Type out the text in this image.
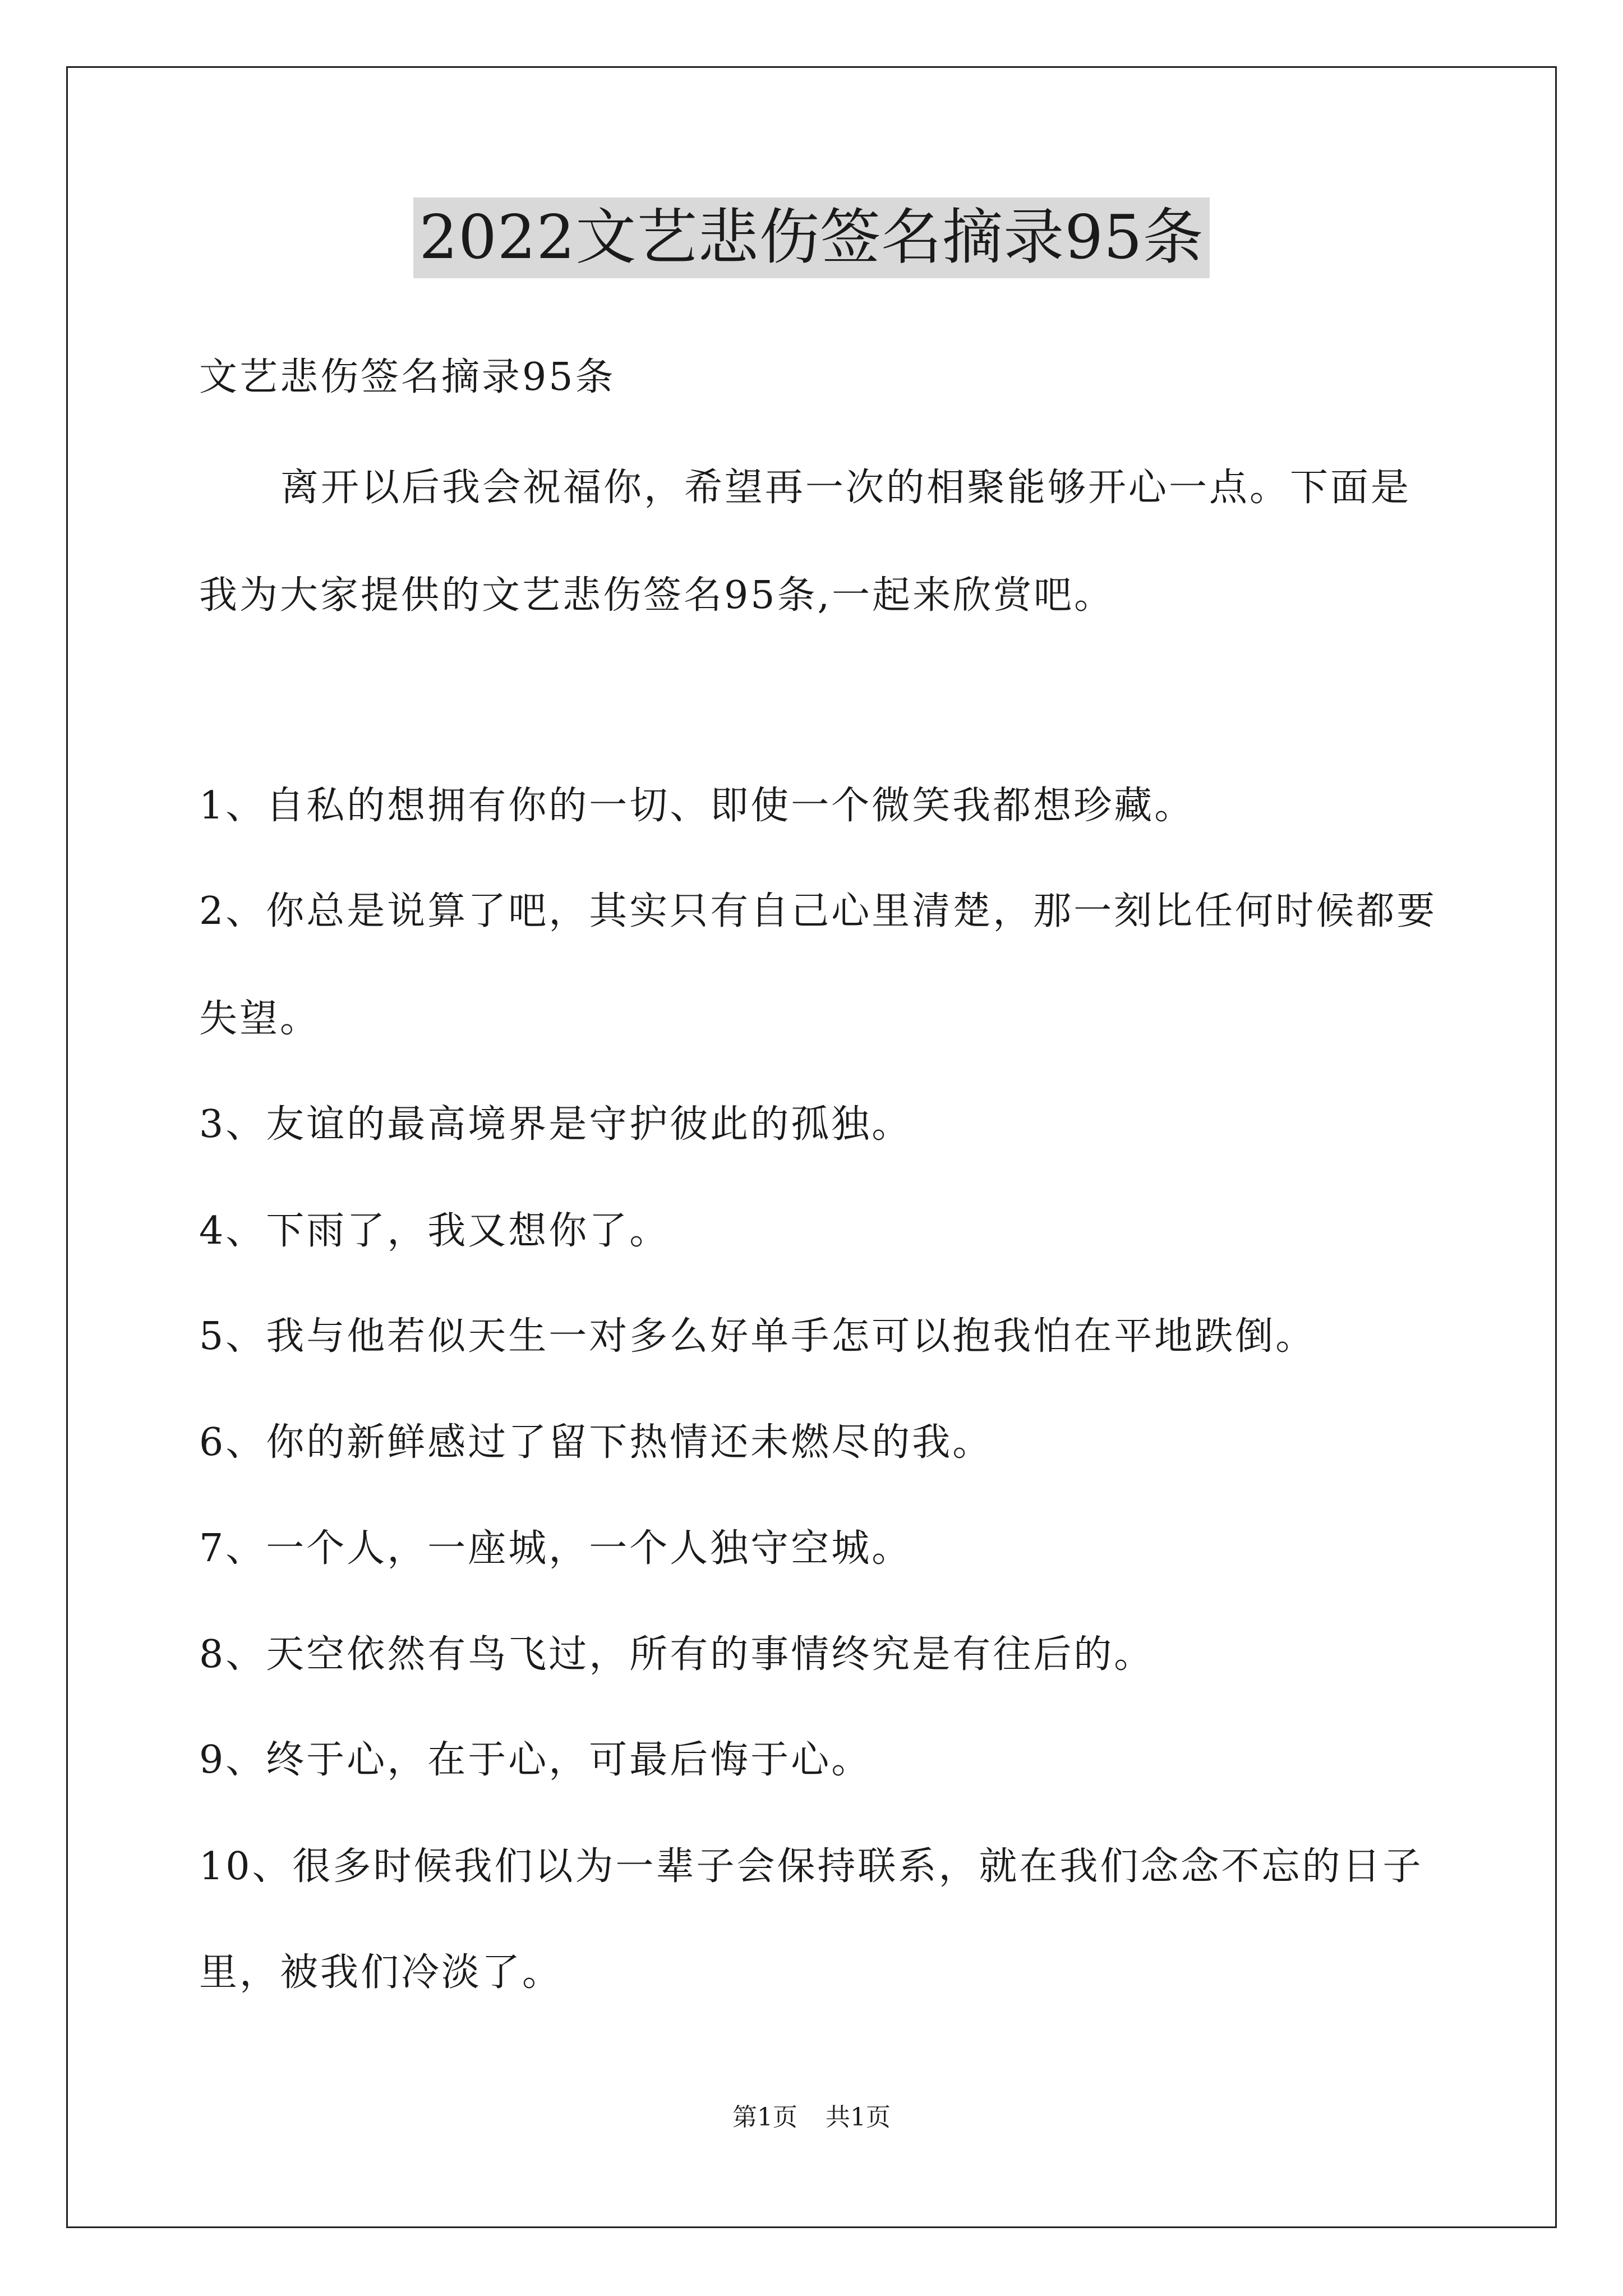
2022文艺悲伤签名摘录95条
文艺悲伤签名摘录95条
离开以后我会祝福你，希望再一次的相聚能够开心一点。下面是
我为大家提供的文艺悲伤签名95条,一起来欣赏吧。
1、自私的想拥有你的一切、即使一个微笑我都想珍藏。
2、你总是说算了吧，其实只有自己心里清楚，那一刻比任何时候都要
失望。
3、友谊的最高境界是守护彼此的孤独。
4、下雨了，我又想你了。
5、我与他若似天生一对多么好单手怎可以抱我怕在平地跌倒。
6、你的新鲜感过了留下热情还未燃尽的我。
7、一个人，一座城，一个人独守空城。
8、天空依然有鸟飞过，所有的事情终究是有往后的。
9、终于心，在于心，可最后悔于心。
10、很多时候我们以为一辈子会保持联系，就在我们念念不忘的日子
里，被我们冷淡了。
第1页 共1页
